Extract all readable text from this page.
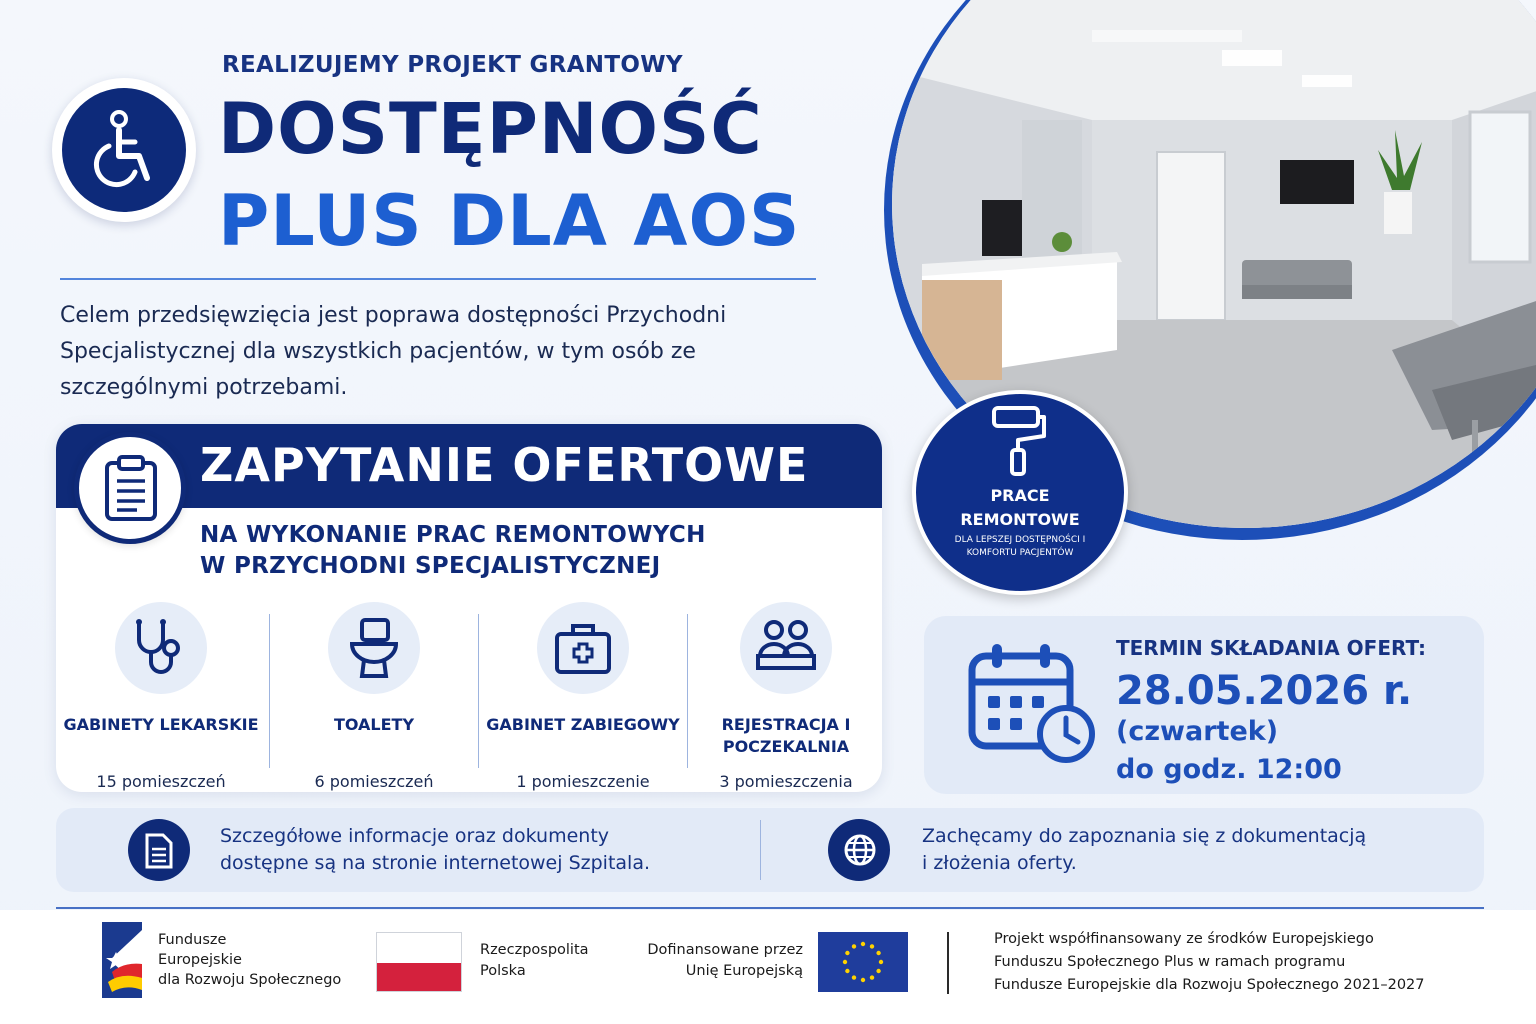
REALIZUJEMY PROJEKT GRANTOWY
DOSTĘPNOŚĆ
PLUS DLA AOS
Celem przedsięwzięcia jest poprawa dostępności Przychodni Specjalistycznej dla wszystkich pacjentów, w tym osób ze szczególnymi potrzebami.
PRACE REMONTOWE
DLA LEPSZEJ DOSTĘPNOŚCI I KOMFORTU PACJENTÓW
ZAPYTANIE OFERTOWE
NA WYKONANIE PRAC REMONTOWYCH
W PRZYCHODNI SPECJALISTYCZNEJ
GABINETY LEKARSKIE
15 pomieszczeń
TOALETY
6 pomieszczeń
GABINET ZABIEGOWY
1 pomieszczenie
REJESTRACJA I POCZEKALNIA
3 pomieszczenia
TERMIN SKŁADANIA OFERT:
28.05.2026 r.
(czwartek)
do godz. 12:00
Szczegółowe informacje oraz dokumenty
dostępne są na stronie internetowej Szpitala.
Zachęcamy do zapoznania się z dokumentacją
i złożenia oferty.
Fundusze
Europejskie
dla Rozwoju Społecznego
Rzeczpospolita
Polska
Dofinansowane przez
Unię Europejską
Projekt współfinansowany ze środków Europejskiego
Funduszu Społecznego Plus w ramach programu
Fundusze Europejskie dla Rozwoju Społecznego 2021–2027
